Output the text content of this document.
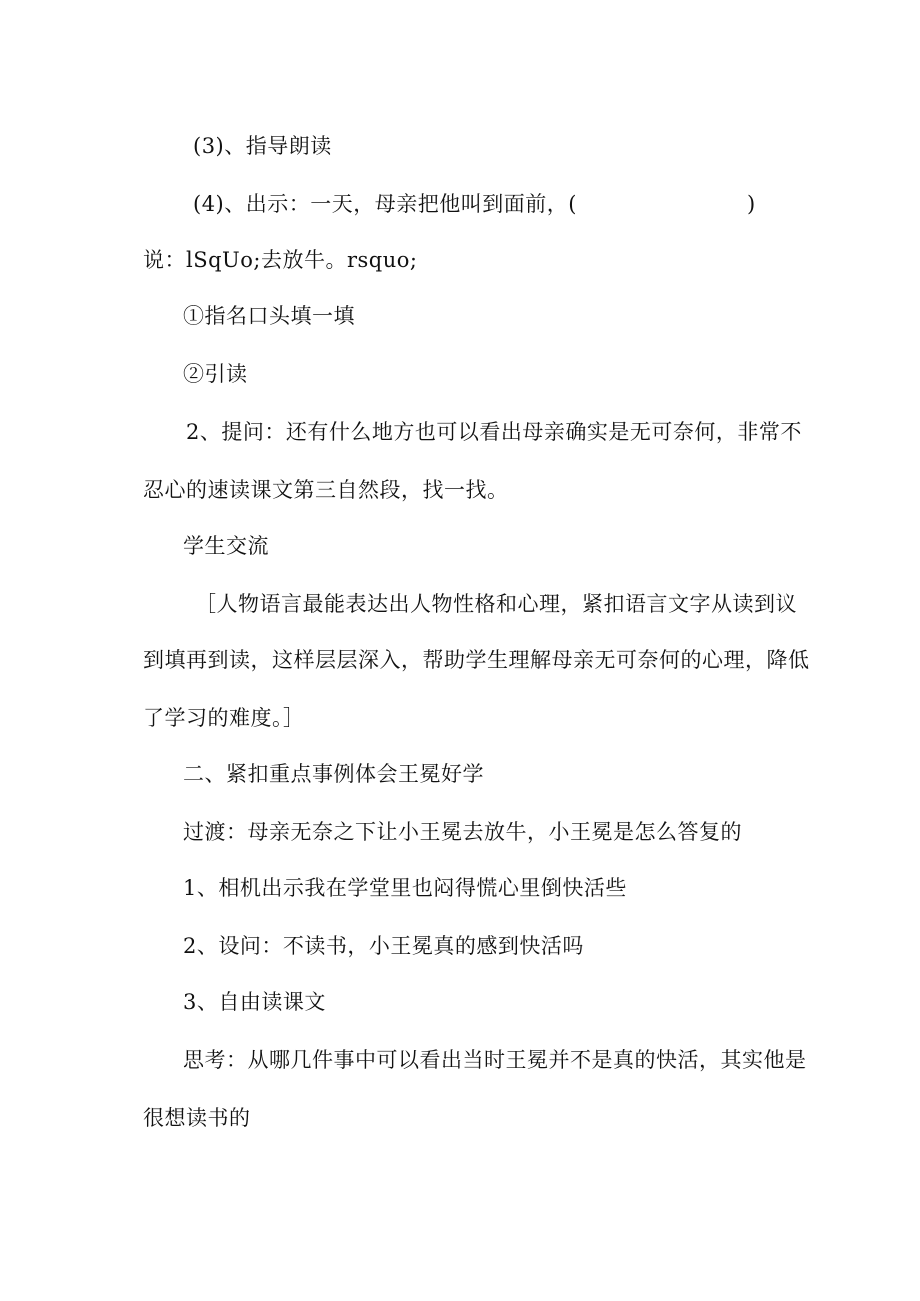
(3)、指导朗读
(4)、出示：一天，母亲把他叫到面前，(	)
说：lSqUo;去放牛。rsquo;
①指名口头填一填
②引读
2、提问：还有什么地方也可以看出母亲确实是无可奈何，非常不
忍心的速读课文第三自然段，找一找。
学生交流
［人物语言最能表达出人物性格和心理，紧扣语言文字从读到议
到填再到读，这样层层深入，帮助学生理解母亲无可奈何的心理，降低
了学习的难度。］
二、紧扣重点事例体会王冕好学
过渡：母亲无奈之下让小王冕去放牛，小王冕是怎么答复的
1、相机出示我在学堂里也闷得慌心里倒快活些
2、设问：不读书，小王冕真的感到快活吗
3、自由读课文
思考：从哪几件事中可以看出当时王冕并不是真的快活，其实他是
很想读书的
